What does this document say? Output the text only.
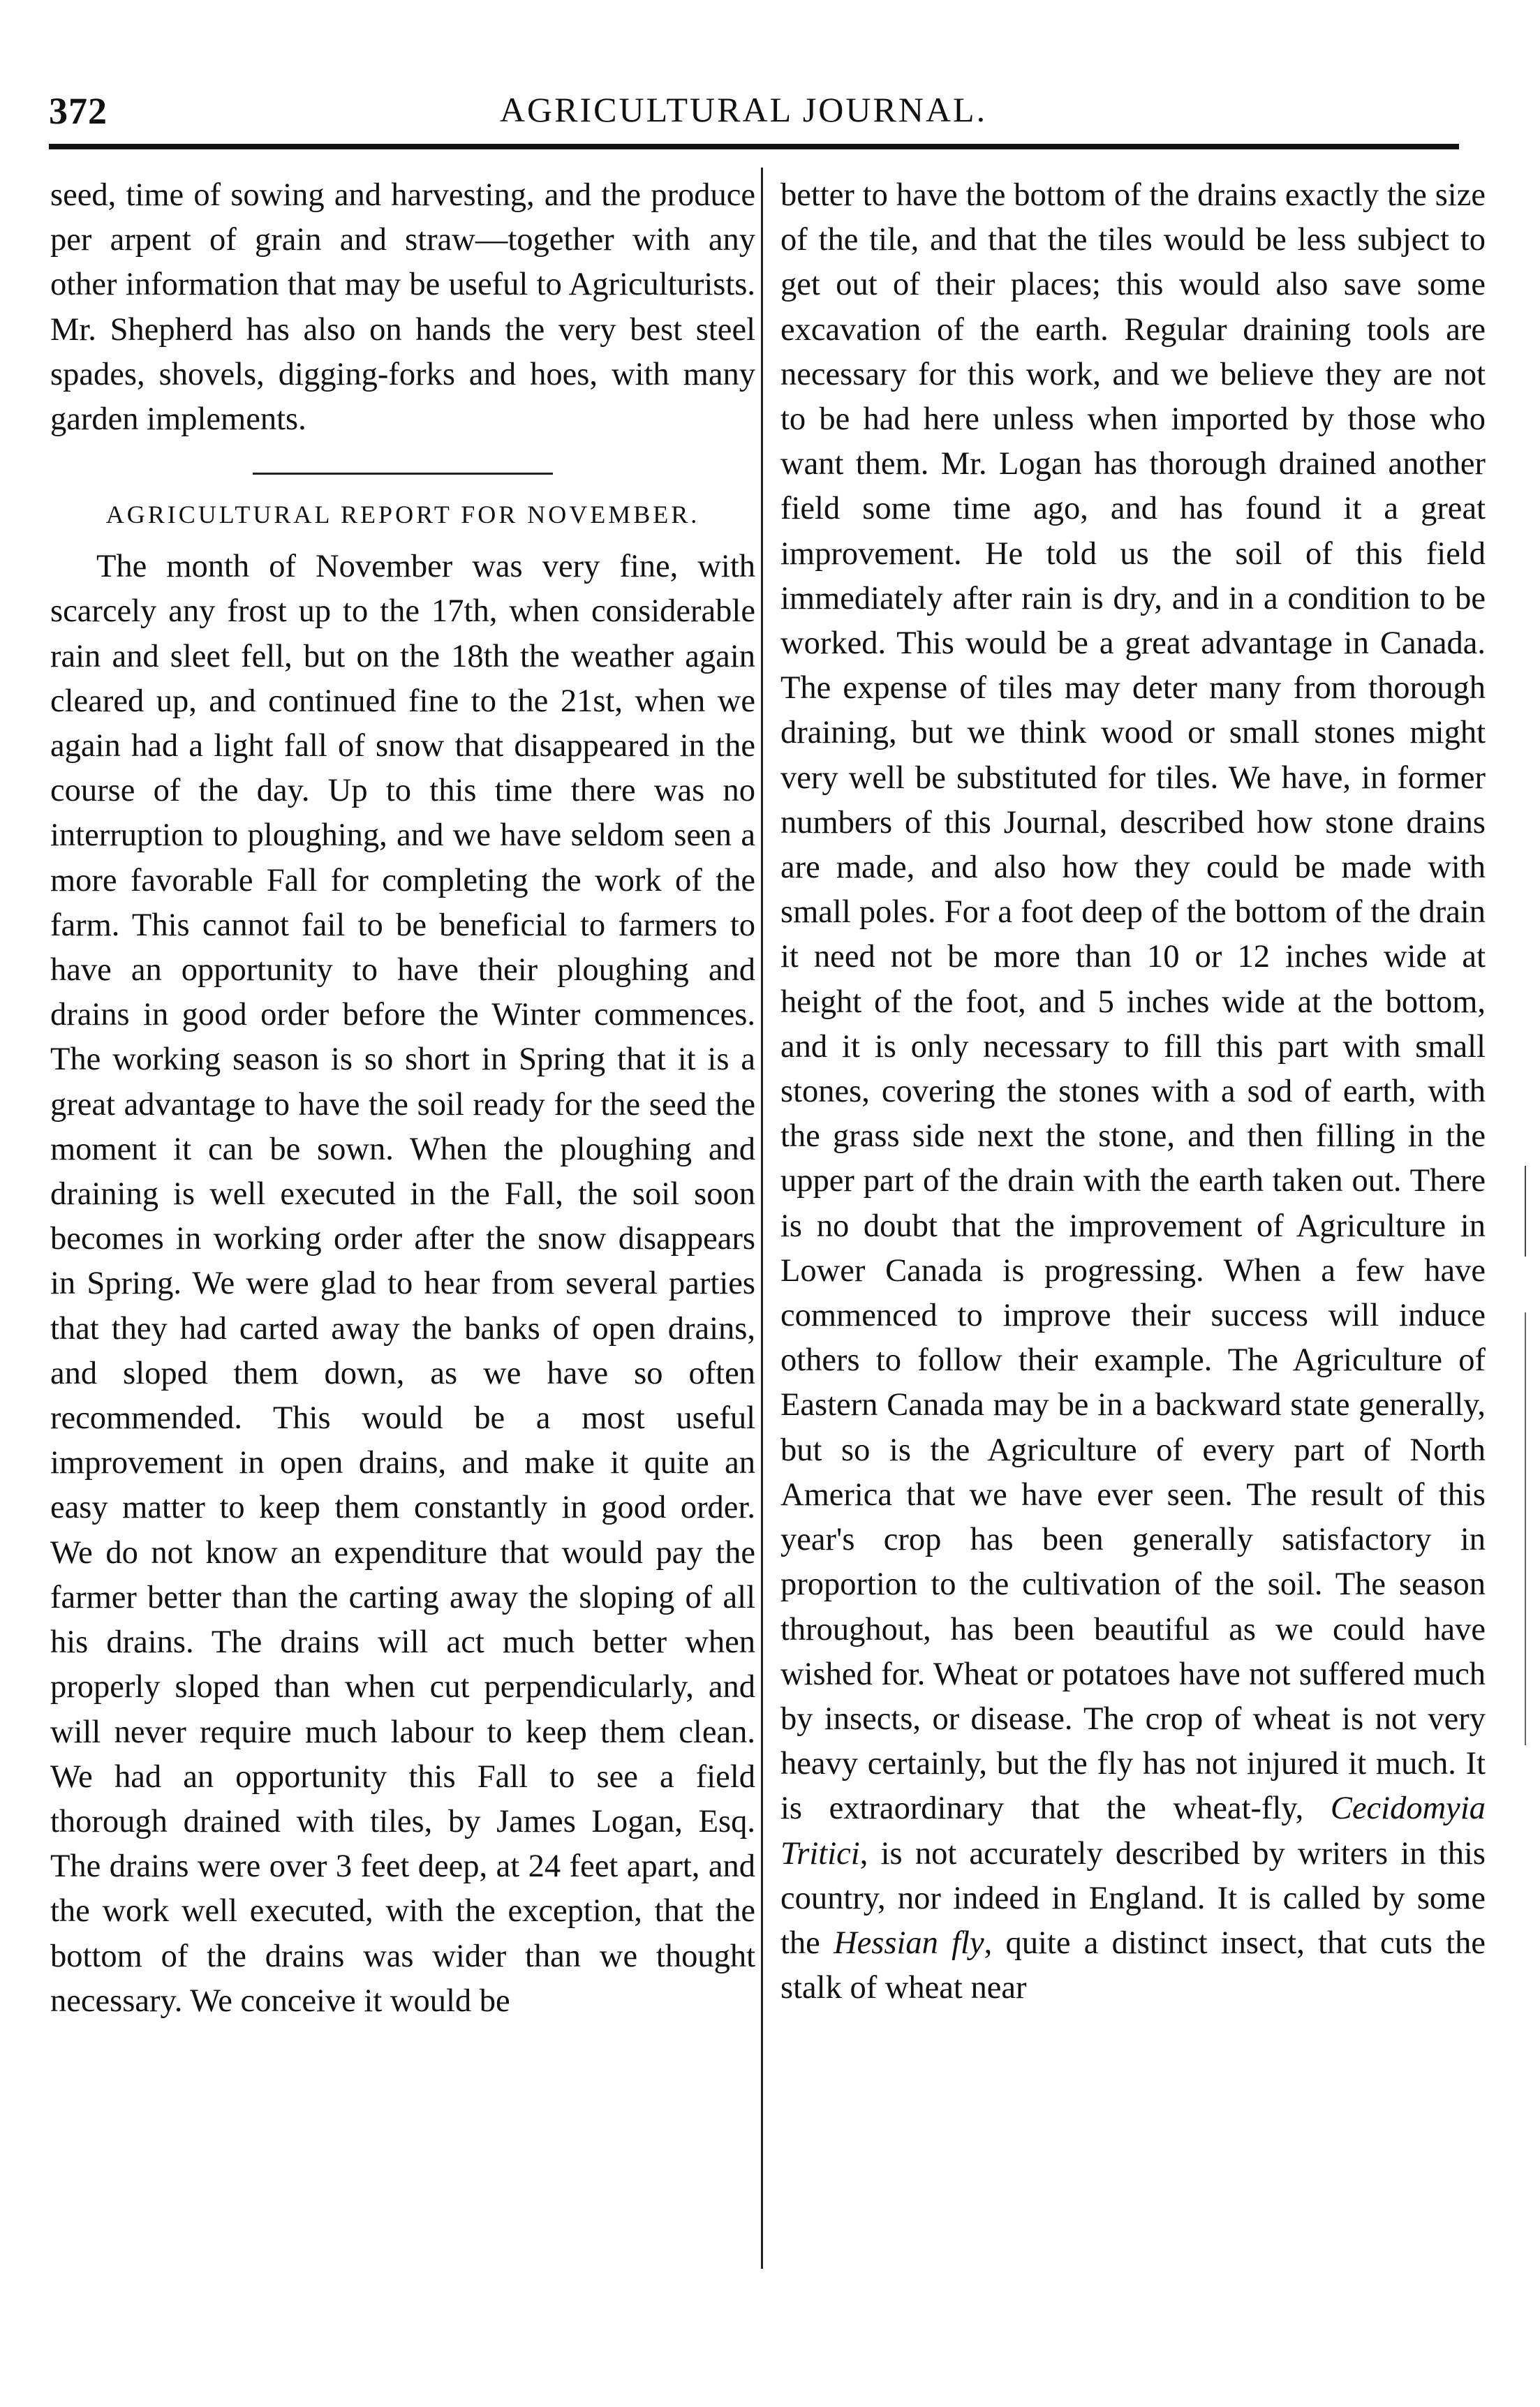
372	AGRICULTURAL JOURNAL.

seed, time of sowing and harvesting, and the produce per arpent of grain and straw—together with any other information that may be useful to Agriculturists. Mr. Shepherd has also on hands the very best steel spades, shovels, digging-forks and hoes, with many garden implements.

AGRICULTURAL REPORT FOR NOVEMBER.

The month of November was very fine, with scarcely any frost up to the 17th, when considerable rain and sleet fell, but on the 18th the weather again cleared up, and continued fine to the 21st, when we again had a light fall of snow that disappeared in the course of the day. Up to this time there was no interruption to ploughing, and we have seldom seen a more favorable Fall for completing the work of the farm. This cannot fail to be beneficial to farmers to have an opportunity to have their ploughing and drains in good order before the Winter commences. The working season is so short in Spring that it is a great advantage to have the soil ready for the seed the moment it can be sown. When the ploughing and draining is well executed in the Fall, the soil soon becomes in working order after the snow disappears in Spring. We were glad to hear from several parties that they had carted away the banks of open drains, and sloped them down, as we have so often recommended. This would be a most useful improvement in open drains, and make it quite an easy matter to keep them constantly in good order. We do not know an expenditure that would pay the farmer better than the carting away the sloping of all his drains. The drains will act much better when properly sloped than when cut perpendicularly, and will never require much labour to keep them clean. We had an opportunity this Fall to see a field thorough drained with tiles, by James Logan, Esq. The drains were over 3 feet deep, at 24 feet apart, and the work well executed, with the exception, that the bottom of the drains was wider than we thought necessary. We conceive it would be

better to have the bottom of the drains exactly the size of the tile, and that the tiles would be less subject to get out of their places; this would also save some excavation of the earth. Regular draining tools are necessary for this work, and we believe they are not to be had here unless when imported by those who want them. Mr. Logan has thorough drained another field some time ago, and has found it a great improvement. He told us the soil of this field immediately after rain is dry, and in a condition to be worked. This would be a great advantage in Canada. The expense of tiles may deter many from thorough draining, but we think wood or small stones might very well be substituted for tiles. We have, in former numbers of this Journal, described how stone drains are made, and also how they could be made with small poles. For a foot deep of the bottom of the drain it need not be more than 10 or 12 inches wide at height of the foot, and 5 inches wide at the bottom, and it is only necessary to fill this part with small stones, covering the stones with a sod of earth, with the grass side next the stone, and then filling in the upper part of the drain with the earth taken out. There is no doubt that the improvement of Agriculture in Lower Canada is progressing. When a few have commenced to improve their success will induce others to follow their example. The Agriculture of Eastern Canada may be in a backward state generally, but so is the Agriculture of every part of North America that we have ever seen. The result of this year's crop has been generally satisfactory in proportion to the cultivation of the soil. The season throughout, has been beautiful as we could have wished for. Wheat or potatoes have not suffered much by insects, or disease. The crop of wheat is not very heavy certainly, but the fly has not injured it much. It is extraordinary that the wheat-fly, Cecidomyia Tritici, is not accurately described by writers in this country, nor indeed in England. It is called by some the Hessian fly, quite a distinct insect, that cuts the stalk of wheat near
